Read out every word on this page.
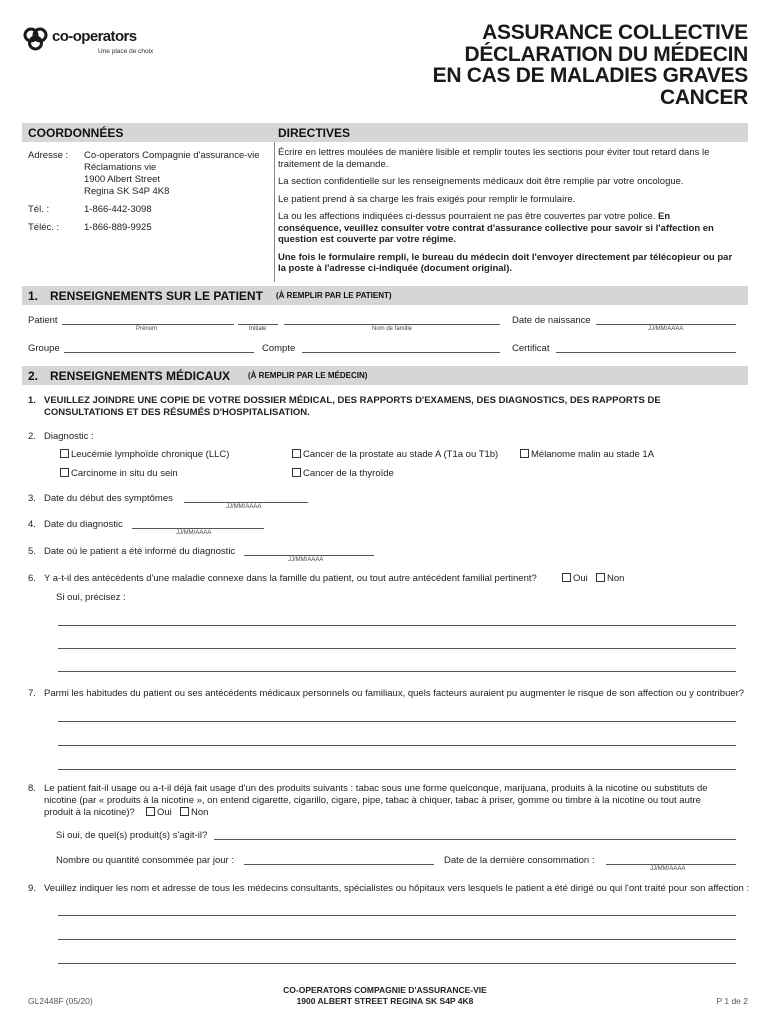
co-operators
Une place de choix
ASSURANCE COLLECTIVE
DÉCLARATION DU MÉDECIN
EN CAS DE MALADIES GRAVES
CANCER
COORDONNÉES	DIRECTIVES
Adresse : Co-operators Compagnie d'assurance-vie
Réclamations vie
1900 Albert Street
Regina SK S4P 4K8
Tél. :	1-866-442-3098
Téléc. :	1-866-889-9925

Écrire en lettres moulées de manière lisible et remplir toutes les sections pour éviter tout retard dans le traitement de la demande.

La section confidentielle sur les renseignements médicaux doit être remplie par votre oncologue.

Le patient prend à sa charge les frais exigés pour remplir le formulaire.

La ou les affections indiquées ci-dessus pourraient ne pas être couvertes par votre police. En conséquence, veuillez consulter votre contrat d'assurance collective pour savoir si l'affection en question est couverte par votre régime.

Une fois le formulaire rempli, le bureau du médecin doit l'envoyer directement par télécopieur ou par la poste à l'adresse ci-indiquée (document original).

1. RENSEIGNEMENTS SUR LE PATIENT (À REMPLIR PAR LE PATIENT)
Patient
Prénom	Initiale	Nom de famille
Date de naissance
JJ/MM/AAAA
Groupe	Compte	Certificat
2. RENSEIGNEMENTS MÉDICAUX (À REMPLIR PAR LE MÉDECIN)
1. VEUILLEZ JOINDRE UNE COPIE DE VOTRE DOSSIER MÉDICAL, DES RAPPORTS D'EXAMENS, DES DIAGNOSTICS, DES RAPPORTS DE CONSULTATIONS ET DES RÉSUMÉS D'HOSPITALISATION.
2. Diagnostic :
Leucémie lymphoïde chronique (LLC)	Cancer de la prostate au stade A (T1a ou T1b)	Mélanome malin au stade 1A
Carcinome in situ du sein	Cancer de la thyroïde
3. Date du début des symptômes
JJ/MM/AAAA
4. Date du diagnostic
JJ/MM/AAAA
5. Date où le patient a été informé du diagnostic
JJ/MM/AAAA
6. Y a-t-il des antécédents d'une maladie connexe dans la famille du patient, ou tout autre antécédent familial pertinent?	Oui	Non
Si oui, précisez :
7. Parmi les habitudes du patient ou ses antécédents médicaux personnels ou familiaux, quels facteurs auraient pu augmenter le risque de son affection ou y contribuer?
8. Le patient fait-il usage ou a-t-il déjà fait usage d'un des produits suivants : tabac sous une forme quelconque, marijuana, produits à la nicotine ou substituts de
nicotine (par « produits à la nicotine », on entend cigarette, cigarillo, cigare, pipe, tabac à chiquer, tabac à priser, gomme ou timbre à la nicotine ou tout autre
produit à la nicotine)?	Oui	Non
Si oui, de quel(s) produit(s) s'agit-il?
Nombre ou quantité consommée par jour :	Date de la dernière consommation :
JJ/MM/AAAA
9. Veuillez indiquer les nom et adresse de tous les médecins consultants, spécialistes ou hôpitaux vers lesquels le patient a été dirigé ou qui l'ont traité pour son affection :
GL2448F (05/20)
CO-OPERATORS COMPAGNIE D'ASSURANCE-VIE
1900 ALBERT STREET REGINA SK S4P 4K8	P 1 de 2
